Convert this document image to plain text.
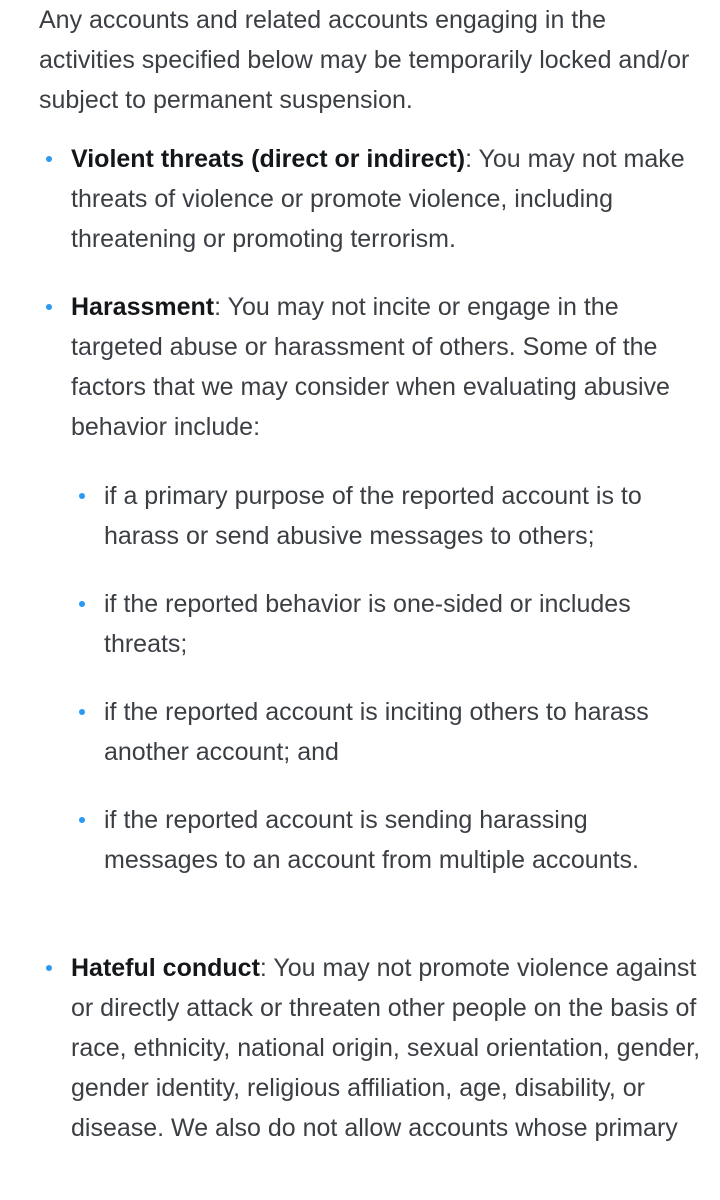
Any accounts and related accounts engaging in the activities specified below may be temporarily locked and/or subject to permanent suspension.

Violent threats (direct or indirect): You may not make threats of violence or promote violence, including threatening or promoting terrorism.
Harassment: You may not incite or engage in the targeted abuse or harassment of others. Some of the factors that we may consider when evaluating abusive behavior include:
if a primary purpose of the reported account is to harass or send abusive messages to others;
if the reported behavior is one-sided or includes threats;
if the reported account is inciting others to harass another account; and
if the reported account is sending harassing messages to an account from multiple accounts.
Hateful conduct: You may not promote violence against or directly attack or threaten other people on the basis of race, ethnicity, national origin, sexual orientation, gender, gender identity, religious affiliation, age, disability, or disease. We also do not allow accounts whose primary
